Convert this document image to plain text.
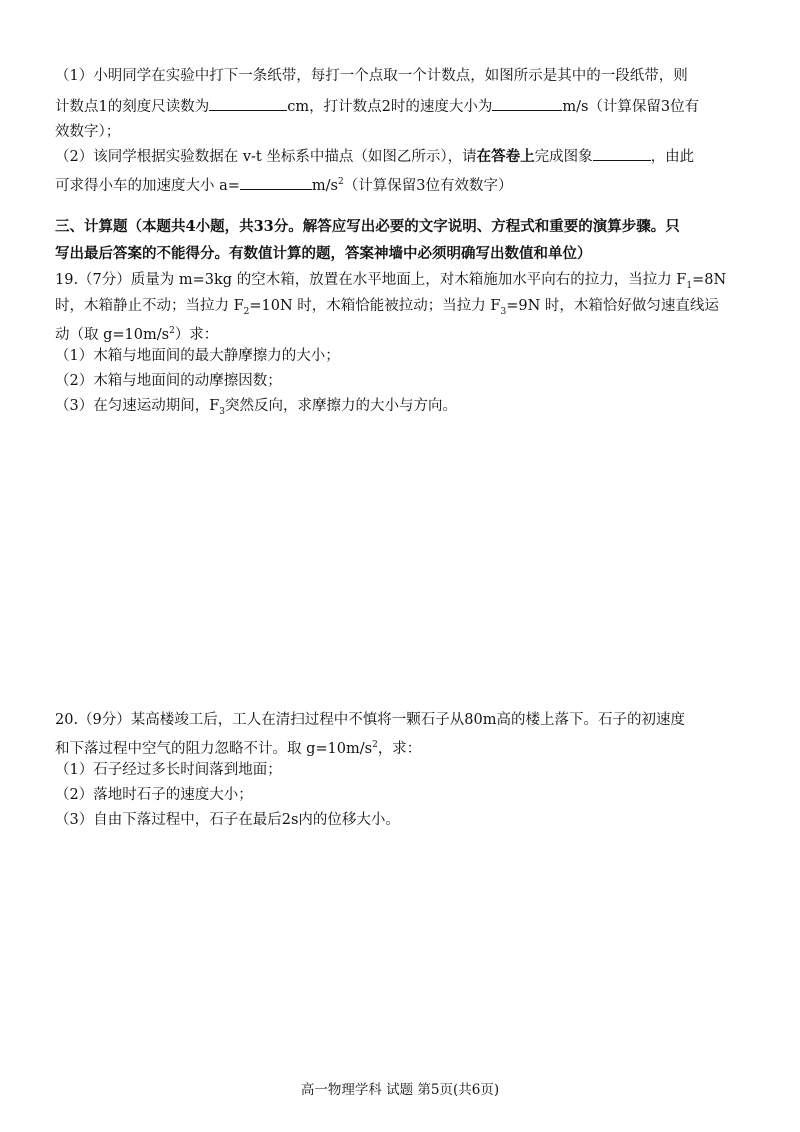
（1）小明同学在实验中打下一条纸带，每打一个点取一个计数点，如图所示是其中的一段纸带，则
计数点1的刻度尺读数为	cm，打计数点2时的速度大小为	m/s（计算保留3位有
效数字）；
（2）该同学根据实验数据在 v-t 坐标系中描点（如图乙所示），请在答卷上完成图象	，由此
可求得小车的加速度大小 a=	$m/s^2$（计算保留3位有效数字）
三、计算题（本题共4小题，共33分。解答应写出必要的文字说明、方程式和重要的演算步骤。只
写出最后答案的不能得分。有数值计算的题，答案神墙中必须明确写出数值和单位）
19.（7分）质量为 m=3kg 的空木箱，放置在水平地面上，对木箱施加水平向右的拉力，当拉力 $F_1=8N$
时，木箱静止不动；当拉力 $F_2=10N$ 时，木箱恰能被拉动；当拉力 $F_3=9N$ 时，木箱恰好做匀速直线运
动（取 $g=10m/s^2$）求：
（1）木箱与地面间的最大静摩擦力的大小；
（2）木箱与地面间的动摩擦因数；
（3）在匀速运动期间，$F_3$突然反向，求摩擦力的大小与方向。
20.（9分）某高楼竣工后，工人在清扫过程中不慎将一颗石子从80m高的楼上落下。石子的初速度
和下落过程中空气的阻力忽略不计。取 $g=10m/s^2$，求：
（1）石子经过多长时间落到地面；
（2）落地时石子的速度大小；
（3）自由下落过程中，石子在最后2s内的位移大小。
高一物理学科 试题 第5页(共6页)
